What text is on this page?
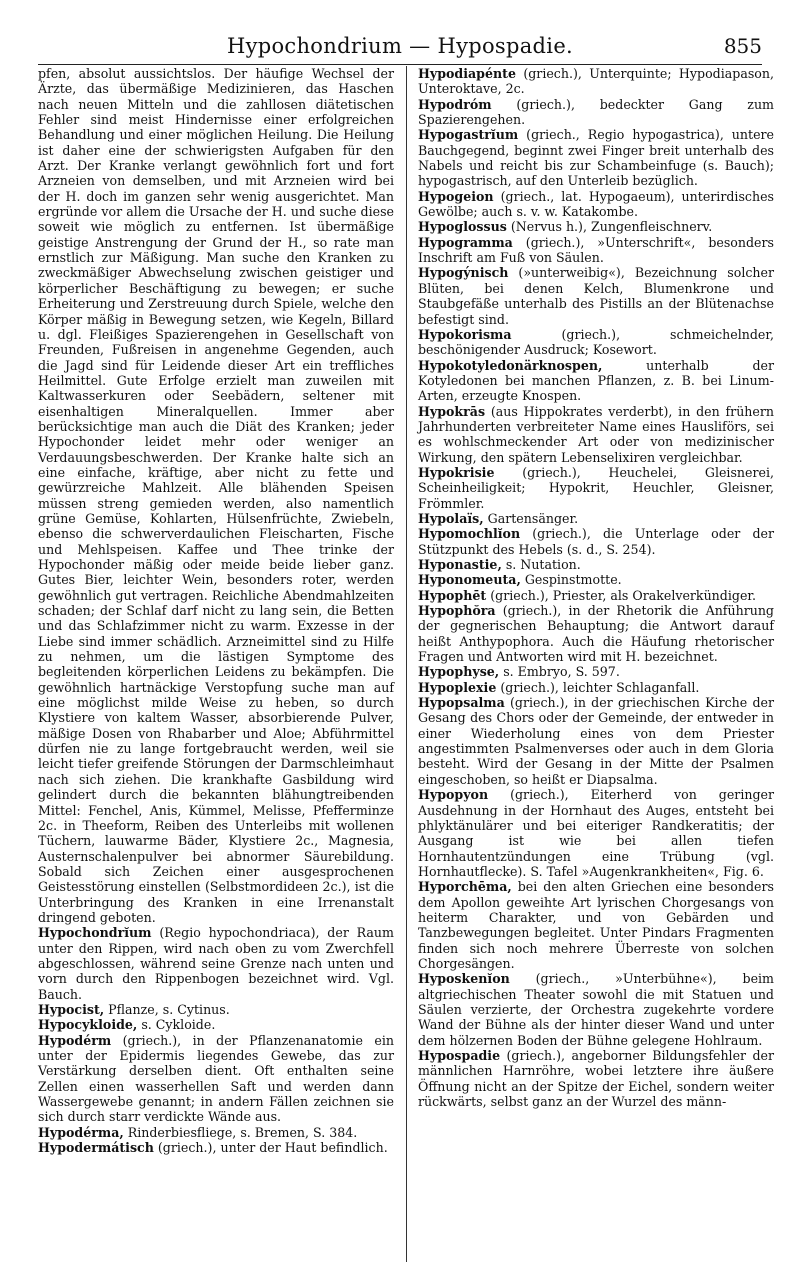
Hypochondrium — Hypospadie.	855

pfen, absolut aussichtslos. Der häufige Wechsel der Ärzte, das übermäßige Medizinieren, das Haschen nach neuen Mitteln und die zahllosen diätetischen Fehler sind meist Hindernisse einer erfolgreichen Behandlung und einer möglichen Heilung. Die Heilung ist daher eine der schwierigsten Aufgaben für den Arzt. Der Kranke verlangt gewöhnlich fort und fort Arzneien von demselben, und mit Arzneien wird bei der H. doch im ganzen sehr wenig ausgerichtet. Man ergründe vor allem die Ursache der H. und suche diese soweit wie möglich zu entfernen. Ist übermäßige geistige Anstrengung der Grund der H., so rate man ernstlich zur Mäßigung. Man suche den Kranken zu zweckmäßiger Abwechselung zwischen geistiger und körperlicher Beschäftigung zu bewegen; er suche Erheiterung und Zerstreuung durch Spiele, welche den Körper mäßig in Bewegung setzen, wie Kegeln, Billard u. dgl. Fleißiges Spazierengehen in Gesellschaft von Freunden, Fußreisen in angenehme Gegenden, auch die Jagd sind für Leidende dieser Art ein treffliches Heilmittel. Gute Erfolge erzielt man zuweilen mit Kaltwasserkuren oder Seebädern, seltener mit eisenhaltigen Mineralquellen. Immer aber berücksichtige man auch die Diät des Kranken; jeder Hypochonder leidet mehr oder weniger an Verdauungsbeschwerden. Der Kranke halte sich an eine einfache, kräftige, aber nicht zu fette und gewürzreiche Mahlzeit. Alle blähenden Speisen müssen streng gemieden werden, also namentlich grüne Gemüse, Kohlarten, Hülsenfrüchte, Zwiebeln, ebenso die schwerverdaulichen Fleischarten, Fische und Mehlspeisen. Kaffee und Thee trinke der Hypochonder mäßig oder meide beide lieber ganz. Gutes Bier, leichter Wein, besonders roter, werden gewöhnlich gut vertragen. Reichliche Abendmahlzeiten schaden; der Schlaf darf nicht zu lang sein, die Betten und das Schlafzimmer nicht zu warm. Exzesse in der Liebe sind immer schädlich. Arzneimittel sind zu Hilfe zu nehmen, um die lästigen Symptome des begleitenden körperlichen Leidens zu bekämpfen. Die gewöhnlich hartnäckige Verstopfung suche man auf eine möglichst milde Weise zu heben, so durch Klystiere von kaltem Wasser, absorbierende Pulver, mäßige Dosen von Rhabarber und Aloe; Abführmittel dürfen nie zu lange fortgebraucht werden, weil sie leicht tiefer greifende Störungen der Darmschleimhaut nach sich ziehen. Die krankhafte Gasbildung wird gelindert durch die bekannten blähungtreibenden Mittel: Fenchel, Anis, Kümmel, Melisse, Pfefferminze 2c. in Theeform, Reiben des Unterleibs mit wollenen Tüchern, lauwarme Bäder, Klystiere 2c., Magnesia, Austernschalenpulver bei abnormer Säurebildung. Sobald sich Zeichen einer ausgesprochenen Geistesstörung einstellen (Selbstmordideen 2c.), ist die Unterbringung des Kranken in eine Irrenanstalt dringend geboten.

Hypochondrĭum (Regio hypochondriaca), der Raum unter den Rippen, wird nach oben zu vom Zwerchfell abgeschlossen, während seine Grenze nach unten und vorn durch den Rippenbogen bezeichnet wird. Vgl. Bauch.

Hypocist, Pflanze, s. Cytinus.

Hypocykloide, s. Cykloide.

Hypodérm (griech.), in der Pflanzenanatomie ein unter der Epidermis liegendes Gewebe, das zur Verstärkung derselben dient. Oft enthalten seine Zellen einen wasserhellen Saft und werden dann Wassergewebe genannt; in andern Fällen zeichnen sie sich durch starr verdickte Wände aus.

Hypodérma, Rinderbiesfliege, s. Bremen, S. 384.

Hypodermátisch (griech.), unter der Haut befindlich.

Hypodiapénte (griech.), Unterquinte; Hypodiapason, Unteroktave, 2c.

Hypodróm (griech.), bedeckter Gang zum Spazierengehen.

Hypogastrĭum (griech., Regio hypogastrica), untere Bauchgegend, beginnt zwei Finger breit unterhalb des Nabels und reicht bis zur Schambeinfuge (s. Bauch); hypogastrisch, auf den Unterleib bezüglich.

Hypogeion (griech., lat. Hypogaeum), unterirdisches Gewölbe; auch s. v. w. Katakombe.

Hypoglossus (Nervus h.), Zungenfleischnerv.

Hypogramma (griech.), »Unterschrift«, besonders Inschrift am Fuß von Säulen.

Hypogýnisch (»unterweibig«), Bezeichnung solcher Blüten, bei denen Kelch, Blumenkrone und Staubgefäße unterhalb des Pistills an der Blütenachse befestigt sind.

Hypokorisma (griech.), schmeichelnder, beschönigender Ausdruck; Kosewort.

Hypokotyledonärknospen, unterhalb der Kotyledonen bei manchen Pflanzen, z. B. bei Linum-Arten, erzeugte Knospen.

Hypokrās (aus Hippokrates verderbt), in den frühern Jahrhunderten verbreiteter Name eines Hausliförs, sei es wohlschmeckender Art oder von medizinischer Wirkung, den spätern Lebenselixiren vergleichbar.

Hypokrisie (griech.), Heuchelei, Gleisnerei, Scheinheiligkeit; Hypokrit, Heuchler, Gleisner, Frömmler.

Hypolaïs, Gartensänger.

Hypomochlĭon (griech.), die Unterlage oder der Stützpunkt des Hebels (s. d., S. 254).

Hyponastie, s. Nutation.

Hyponomeuta, Gespinstmotte.

Hypophēt (griech.), Priester, als Orakelverkündiger.

Hypophŏra (griech.), in der Rhetorik die Anführung der gegnerischen Behauptung; die Antwort darauf heißt Anthypophora. Auch die Häufung rhetorischer Fragen und Antworten wird mit H. bezeichnet.

Hypophyse, s. Embryo, S. 597.

Hypoplexie (griech.), leichter Schlaganfall.

Hypopsalma (griech.), in der griechischen Kirche der Gesang des Chors oder der Gemeinde, der entweder in einer Wiederholung eines von dem Priester angestimmten Psalmenverses oder auch in dem Gloria besteht. Wird der Gesang in der Mitte der Psalmen eingeschoben, so heißt er Diapsalma.

Hypopyon (griech.), Eiterherd von geringer Ausdehnung in der Hornhaut des Auges, entsteht bei phlyktänulärer und bei eiteriger Randkeratitis; der Ausgang ist wie bei allen tiefen Hornhautentzündungen eine Trübung (vgl. Hornhautflecke). S. Tafel »Augenkrankheiten«, Fig. 6.

Hyporchēma, bei den alten Griechen eine besonders dem Apollon geweihte Art lyrischen Chorgesangs von heiterm Charakter, und von Gebärden und Tanzbewegungen begleitet. Unter Pindars Fragmenten finden sich noch mehrere Überreste von solchen Chorgesängen.

Hyposkenĭon (griech., »Unterbühne«), beim altgriechischen Theater sowohl die mit Statuen und Säulen verzierte, der Orchestra zugekehrte vordere Wand der Bühne als der hinter dieser Wand und unter dem hölzernen Boden der Bühne gelegene Hohlraum.

Hypospadie (griech.), angeborner Bildungsfehler der männlichen Harnröhre, wobei letztere ihre äußere Öffnung nicht an der Spitze der Eichel, sondern weiter rückwärts, selbst ganz an der Wurzel des männ-
